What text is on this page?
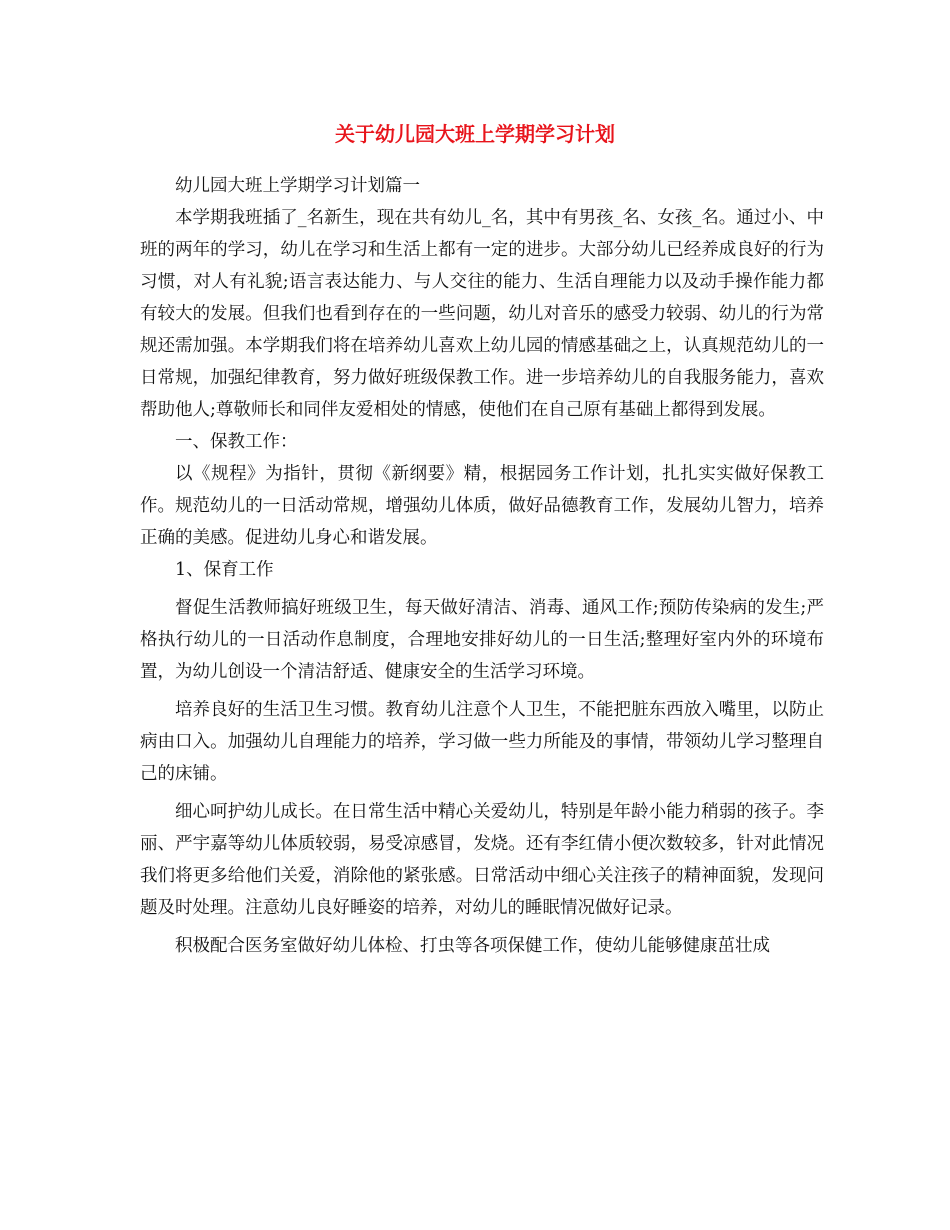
关于幼儿园大班上学期学习计划

幼儿园大班上学期学习计划篇一

本学期我班插了_名新生，现在共有幼儿_名，其中有男孩_名、女孩_名。通过小、中班的两年的学习，幼儿在学习和生活上都有一定的进步。大部分幼儿已经养成良好的行为习惯，对人有礼貌;语言表达能力、与人交往的能力、生活自理能力以及动手操作能力都有较大的发展。但我们也看到存在的一些问题，幼儿对音乐的感受力较弱、幼儿的行为常规还需加强。本学期我们将在培养幼儿喜欢上幼儿园的情感基础之上，认真规范幼儿的一日常规，加强纪律教育，努力做好班级保教工作。进一步培养幼儿的自我服务能力，喜欢帮助他人;尊敬师长和同伴友爱相处的情感，使他们在自己原有基础上都得到发展。

一、保教工作：

以《规程》为指针，贯彻《新纲要》精，根据园务工作计划，扎扎实实做好保教工作。规范幼儿的一日活动常规，增强幼儿体质，做好品德教育工作，发展幼儿智力，培养正确的美感。促进幼儿身心和谐发展。

1、保育工作

督促生活教师搞好班级卫生，每天做好清洁、消毒、通风工作;预防传染病的发生;严格执行幼儿的一日活动作息制度，合理地安排好幼儿的一日生活;整理好室内外的环境布置，为幼儿创设一个清洁舒适、健康安全的生活学习环境。

培养良好的生活卫生习惯。教育幼儿注意个人卫生，不能把脏东西放入嘴里，以防止病由口入。加强幼儿自理能力的培养，学习做一些力所能及的事情，带领幼儿学习整理自己的床铺。

细心呵护幼儿成长。在日常生活中精心关爱幼儿，特别是年龄小能力稍弱的孩子。李丽、严宇嘉等幼儿体质较弱，易受凉感冒，发烧。还有李红倩小便次数较多，针对此情况我们将更多给他们关爱，消除他的紧张感。日常活动中细心关注孩子的精神面貌，发现问题及时处理。注意幼儿良好睡姿的培养，对幼儿的睡眠情况做好记录。

积极配合医务室做好幼儿体检、打虫等各项保健工作，使幼儿能够健康茁壮成
